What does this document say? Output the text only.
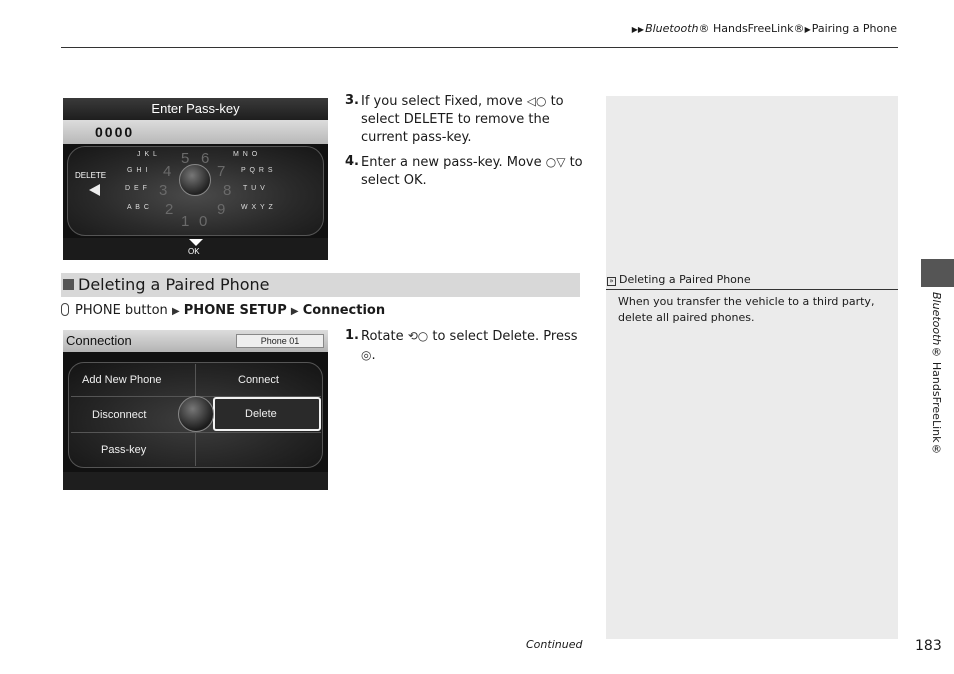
▶▶Bluetooth® HandsFreeLink®▶Pairing a Phone
Enter Pass-key
0000
J K L	M N O
G H I	P Q R S
D E F	T U V
A B C	W X Y Z
5 6
4	7
3	8
2	9
1 0
DELETE
OK
3. If you select Fixed, move ◁○ to select DELETE to remove the current pass-key.
4. Enter a new pass-key. Move ○▽ to select OK.
Deleting a Paired Phone
PHONE button ▶ PHONE SETUP ▶ Connection
Connection	Phone 01
Add New Phone	Connect
Disconnect	Delete
Pass-key
1. Rotate ⟲○ to select Delete. Press ◎.
» Deleting a Paired Phone
When you transfer the vehicle to a third party, delete all paired phones.	Bluetooth® HandsFreeLink®
Continued	183
